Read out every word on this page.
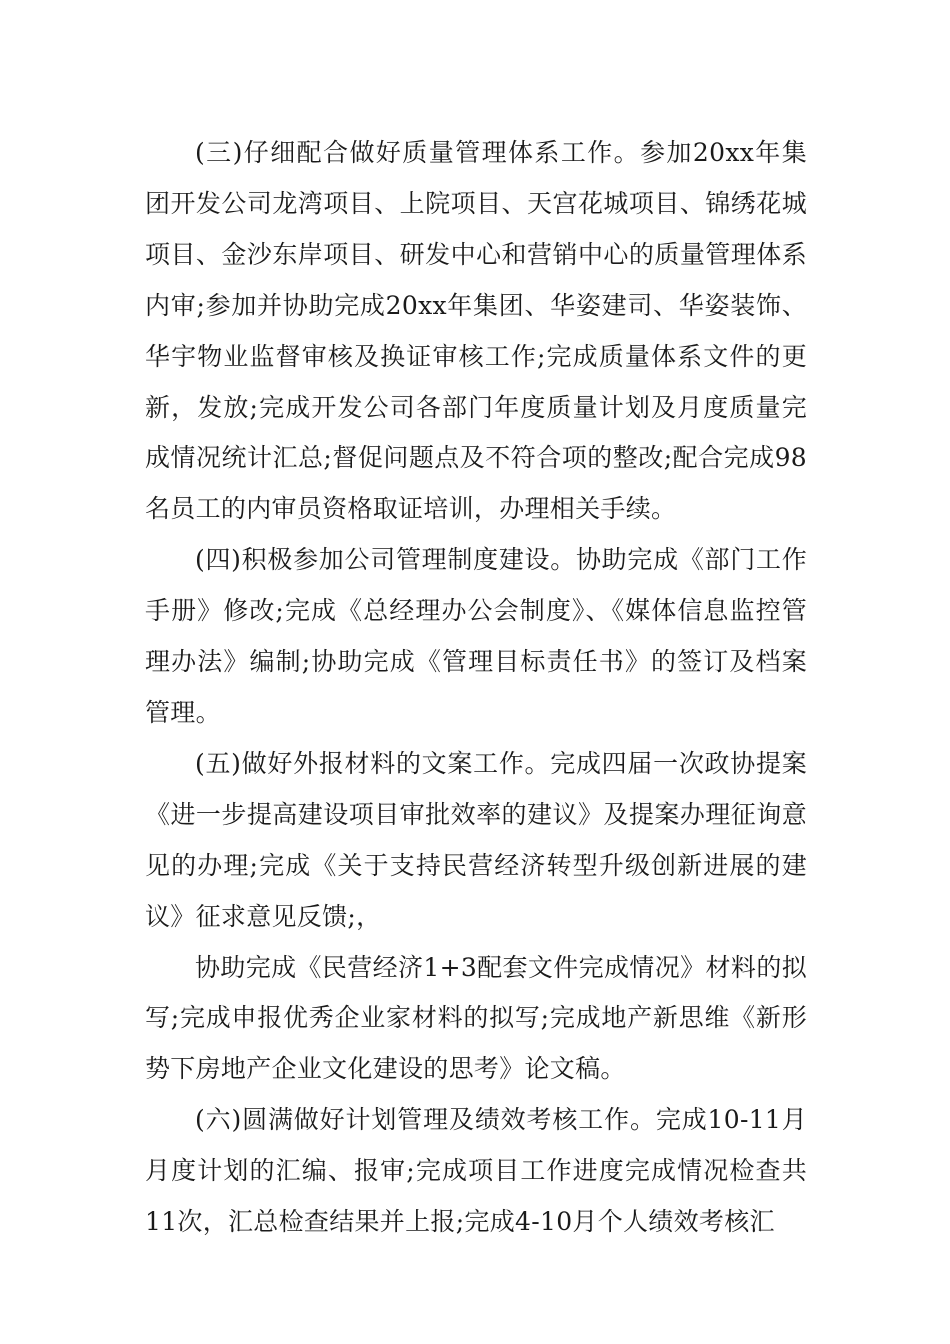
(三)仔细配合做好质量管理体系工作。参加20xx年集团开发公司龙湾项目、上院项目、天宫花城项目、锦绣花城项目、金沙东岸项目、研发中心和营销中心的质量管理体系内审;参加并协助完成20xx年集团、华姿建司、华姿装饰、华宇物业监督审核及换证审核工作;完成质量体系文件的更新，发放;完成开发公司各部门年度质量计划及月度质量完成情况统计汇总;督促问题点及不符合项的整改;配合完成98名员工的内审员资格取证培训，办理相关手续。

(四)积极参加公司管理制度建设。协助完成《部门工作手册》修改;完成《总经理办公会制度》、《媒体信息监控管理办法》编制;协助完成《管理目标责任书》的签订及档案管理。

(五)做好外报材料的文案工作。完成四届一次政协提案《进一步提高建设项目审批效率的建议》及提案办理征询意见的办理;完成《关于支持民营经济转型升级创新进展的建议》征求意见反馈;，

协助完成《民营经济1+3配套文件完成情况》材料的拟写;完成申报优秀企业家材料的拟写;完成地产新思维《新形势下房地产企业文化建设的思考》论文稿。

(六)圆满做好计划管理及绩效考核工作。完成10-11月月度计划的汇编、报审;完成项目工作进度完成情况检查共11次，汇总检查结果并上报;完成4-10月个人绩效考核汇
